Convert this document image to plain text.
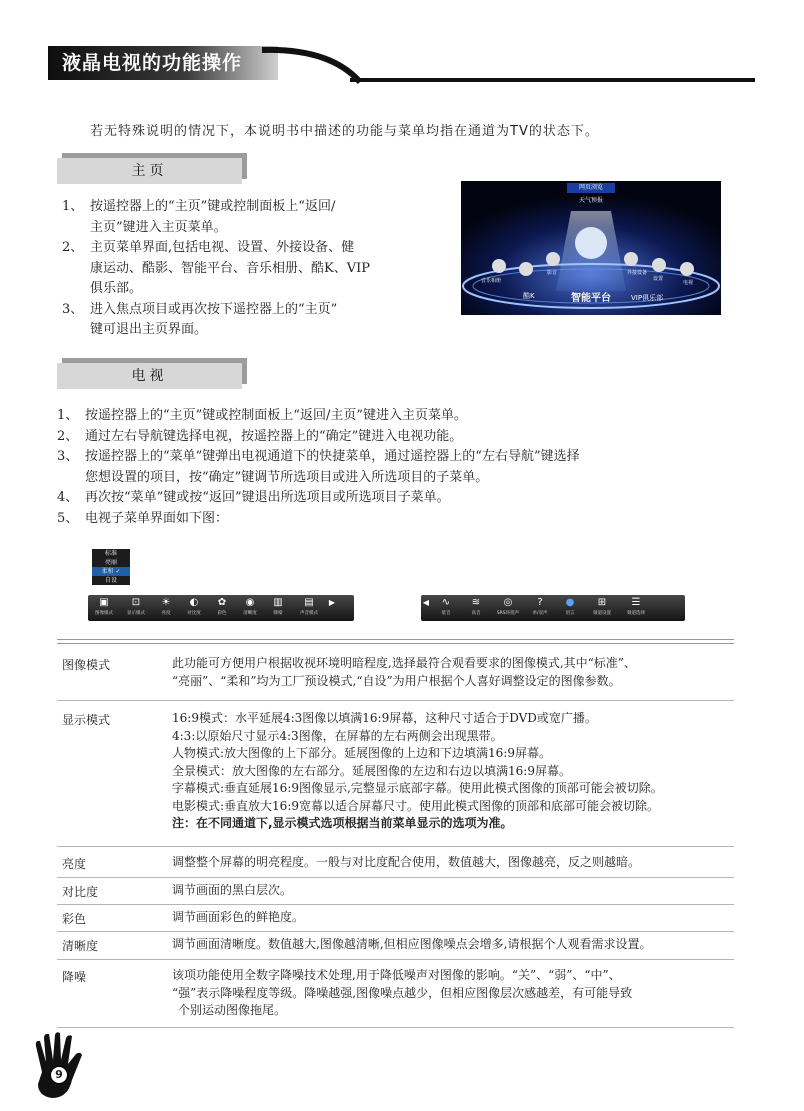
液晶电视的功能操作
若无特殊说明的情况下，本说明书中描述的功能与菜单均指在通道为TV的状态下。
主页
1、 按遥控器上的“主页”键或控制面板上“返回/
主页”键进入主页菜单。
2、 主页菜单界面,包括电视、设置、外接设备、健
康运动、酷影、智能平台、音乐相册、酷K、VIP
俱乐部。
3、 进入焦点项目或再次按下遥控器上的“主页”
键可退出主页界面。
网页浏览
天气预报
音乐相册
影音	外接设备
设置
电视
酷K	智能平台	VIP俱乐部
电视
1、 按遥控器上的“主页”键或控制面板上“返回/主页”键进入主页菜单。
2、 通过左右导航键选择电视，按遥控器上的“确定”键进入电视功能。
3、 按遥控器上的“菜单”键弹出电视通道下的快捷菜单，通过遥控器上的“左右导航”键选择
您想设置的项目，按“确定”键调节所选项目或进入所选项目的子菜单。
4、 再次按“菜单”键或按“返回”键退出所选项目或所选项目子菜单。
5、 电视子菜单界面如下图：
标准
亮丽
柔和 ✓
自设
▣
图像模式
⊡
显示模式
☀
亮度
◐
对比度
✿
彩色
◉
清晰度
▥
降噪
▤
声音模式
▶	◀ ∿
低音
≋
高音
◎
SRS环绕声
?
单/双声
●
语言
⊞
频道设置
☰
频道选择
图像模式	此功能可方便用户根据收视环境明暗程度,选择最符合观看要求的图像模式,其中“标准”、
“亮丽”、“柔和”均为工厂预设模式,“自设”为用户根据个人喜好调整设定的图像参数。
显示模式	16:9模式：水平延展4:3图像以填满16:9屏幕，这种尺寸适合于DVD或宽广播。
4:3:以原始尺寸显示4:3图像，在屏幕的左右两侧会出现黑带。
人物模式:放大图像的上下部分。延展图像的上边和下边填满16:9屏幕。
全景模式：放大图像的左右部分。延展图像的左边和右边以填满16:9屏幕。
字幕模式:垂直延展16:9图像显示,完整显示底部字幕。使用此模式图像的顶部可能会被切除。
电影模式:垂直放大16:9宽幕以适合屏幕尺寸。使用此模式图像的顶部和底部可能会被切除。
注：在不同通道下,显示模式选项根据当前菜单显示的选项为准。
亮度	调整整个屏幕的明亮程度。一般与对比度配合使用，数值越大，图像越亮，反之则越暗。
对比度	调节画面的黑白层次。
彩色	调节画面彩色的鲜艳度。
清晰度	调节画面清晰度。数值越大,图像越清晰,但相应图像噪点会增多,请根据个人观看需求设置。
降噪	该项功能使用全数字降噪技术处理,用于降低噪声对图像的影响。“关”、“弱”、“中”、
“强”表示降噪程度等级。降噪越强,图像噪点越少，但相应图像层次感越差，有可能导致
个别运动图像拖尾。
9
